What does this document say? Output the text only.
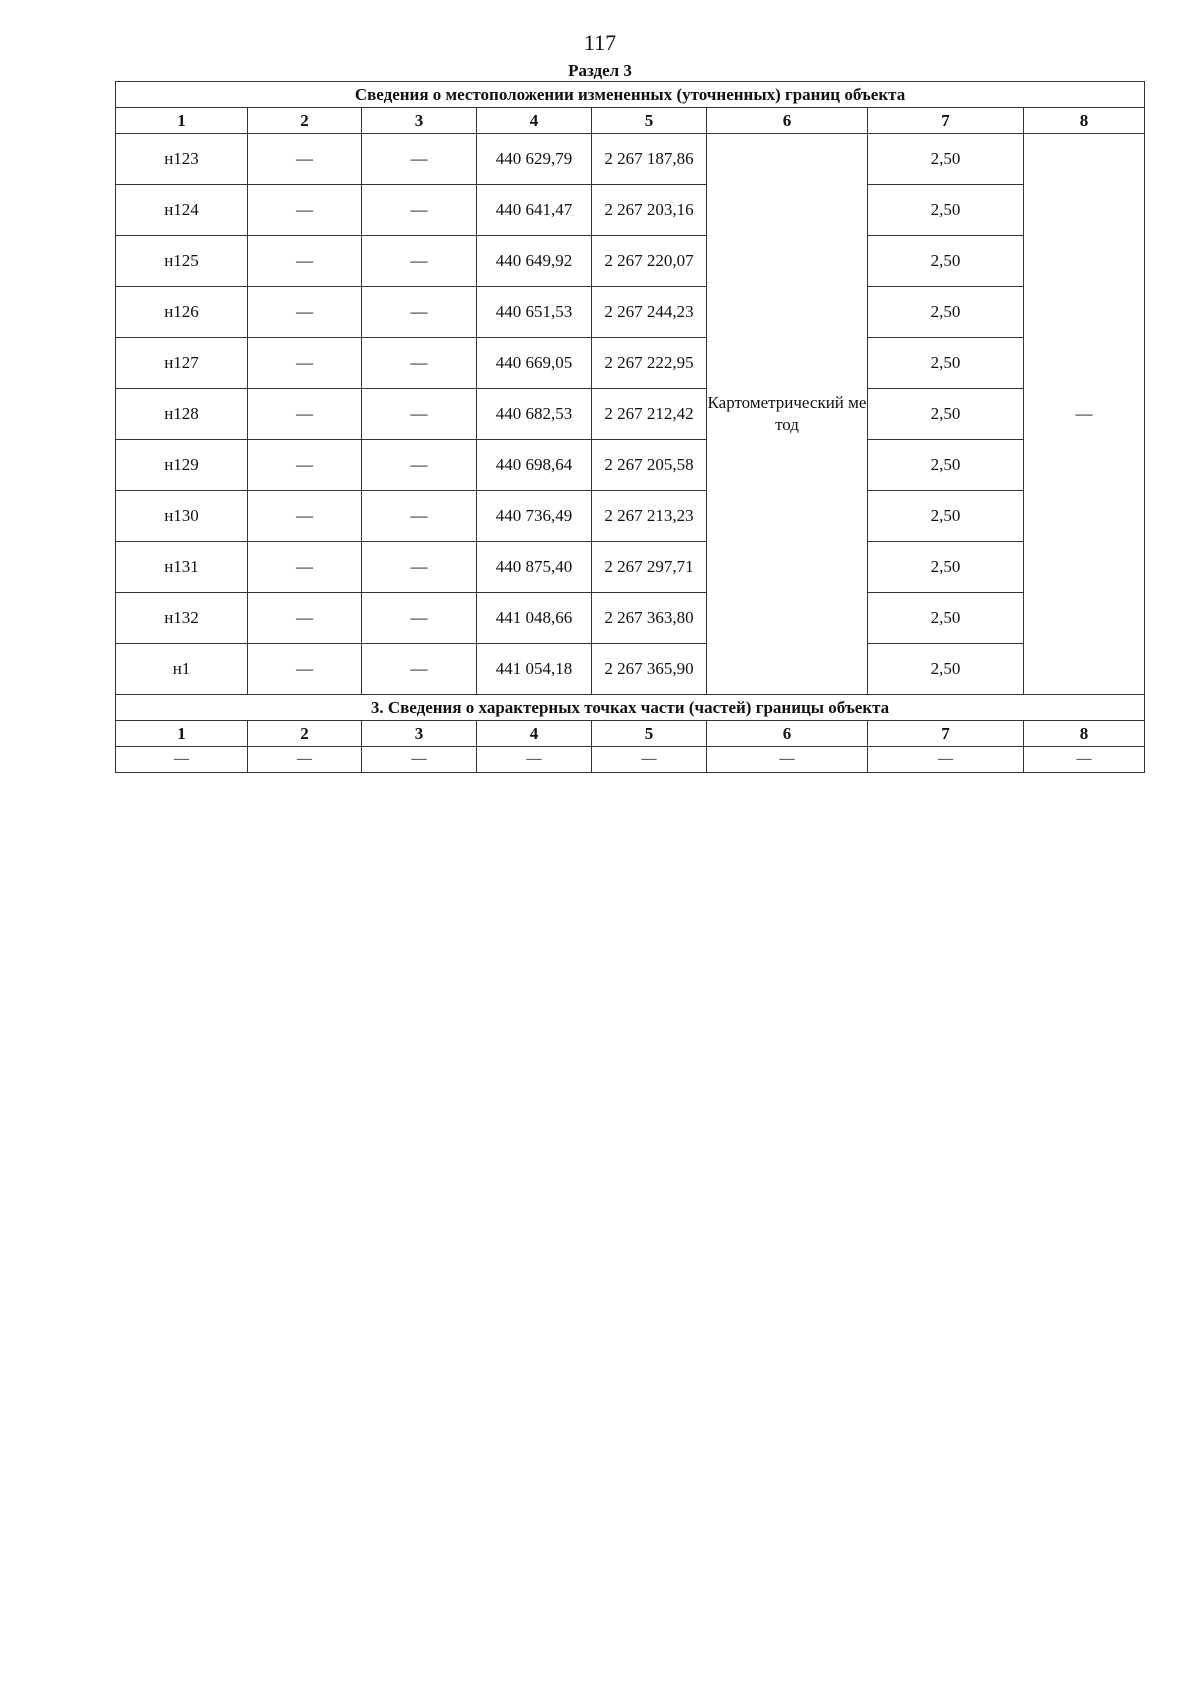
117
Раздел 3
Сведения о местоположении измененных (уточненных) границ объекта							
1	2	3	4	5	6	7	8
н123	—	—	440 629,79	2 267 187,86	Картометрический метод	2,50	—
н124	—	—	440 641,47	2 267 203,16		2,50	
н125	—	—	440 649,92	2 267 220,07		2,50	
н126	—	—	440 651,53	2 267 244,23		2,50	
н127	—	—	440 669,05	2 267 222,95		2,50	
н128	—	—	440 682,53	2 267 212,42		2,50	
н129	—	—	440 698,64	2 267 205,58		2,50	
н130	—	—	440 736,49	2 267 213,23		2,50	
н131	—	—	440 875,40	2 267 297,71		2,50	
н132	—	—	441 048,66	2 267 363,80		2,50	
н1	—	—	441 054,18	2 267 365,90		2,50	
3. Сведения о характерных точках части (частей) границы объекта							
1	2	3	4	5	6	7	8
—	—	—	—	—	—	—	—
